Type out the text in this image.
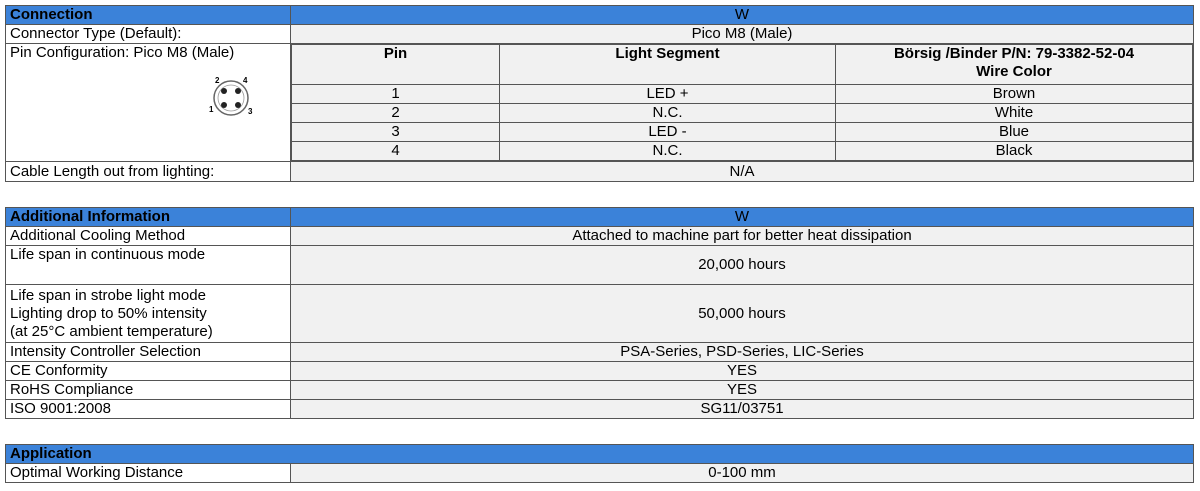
Connection	W
Connector Type (Default):	Pico M8 (Male)

Pin Configuration: Pico M8 (Male)
2	4
1	3

Pin	Light Segment	Börsig /Binder P/N: 79-3382-52-04
Wire Color

1	LED +	Brown
2	N.C.	White
3	LED -	Blue
4	N.C.	Black

Cable Length out from lighting:	N/A
Additional Information	W
Additional Cooling Method	Attached to machine part for better heat dissipation
Life span in continuous mode	20,000 hours

Life span in strobe light mode
Lighting drop to 50% intensity
(at 25°C ambient temperature)	50,000 hours
Intensity Controller Selection	PSA-Series, PSD-Series, LIC-Series
CE Conformity	YES
RoHS Compliance	YES
ISO 9001:2008	SG11/03751
Application
Optimal Working Distance	0-100 mm
